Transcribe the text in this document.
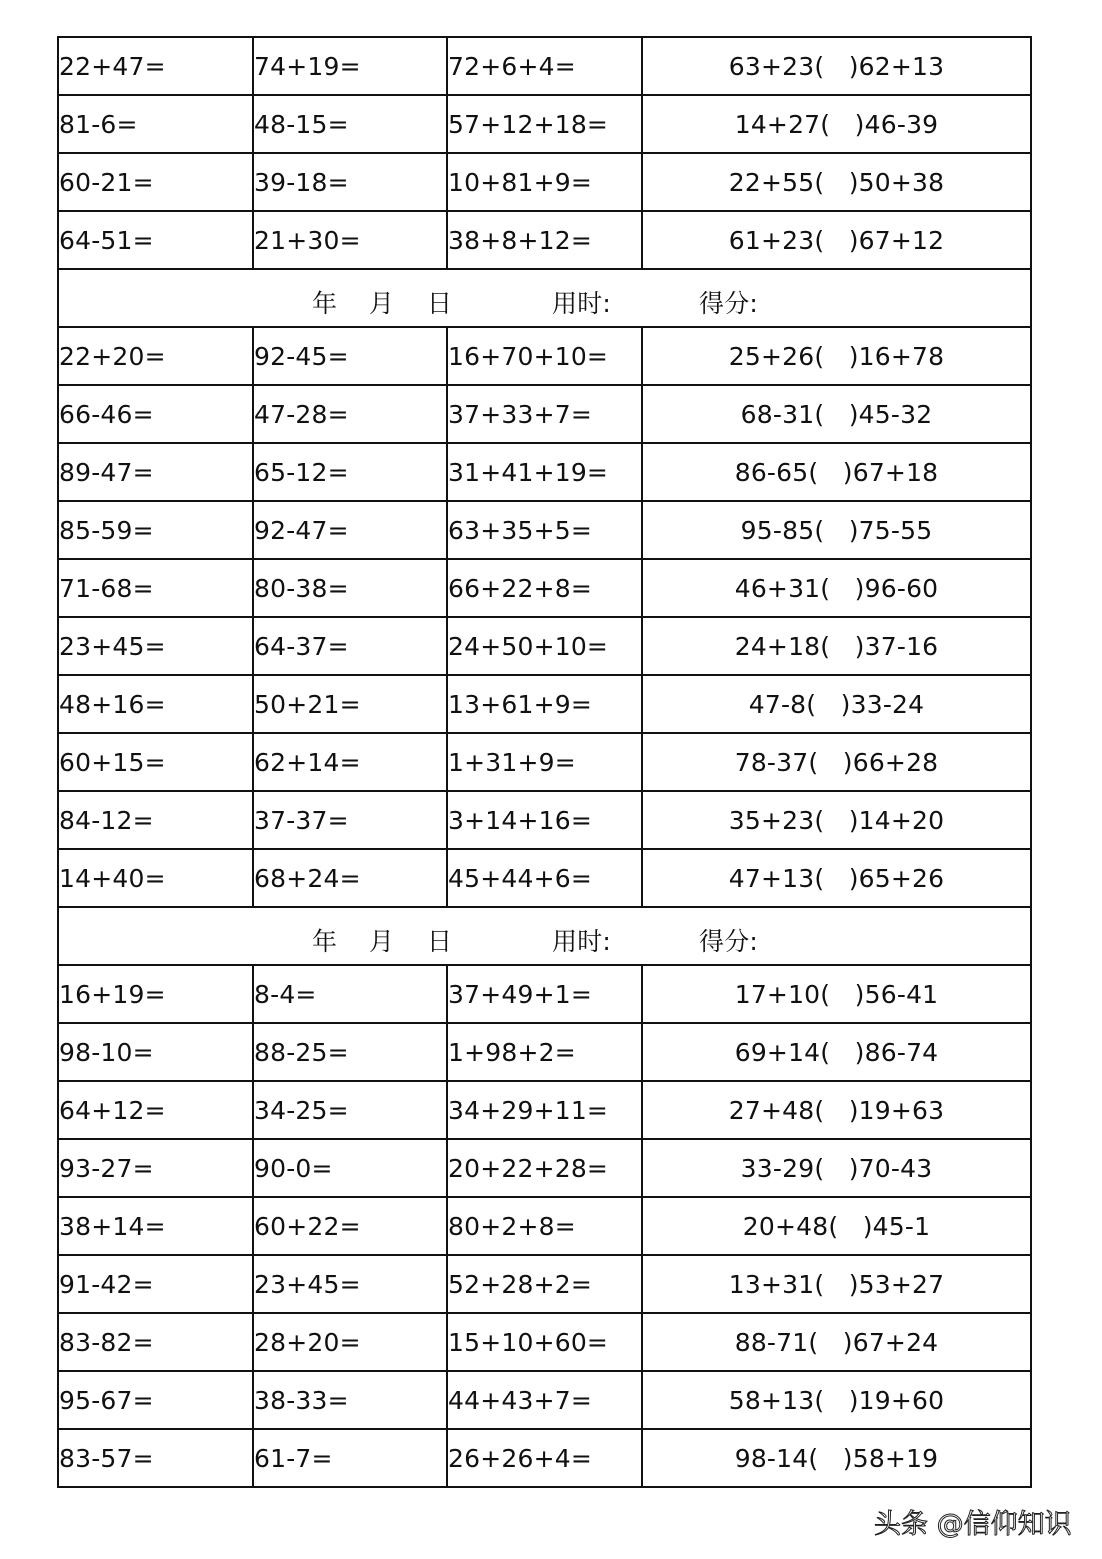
22+47=	74+19=	72+6+4=	63+23(   )62+13
81-6=	48-15=	57+12+18=	14+27(   )46-39
60-21=	39-18=	10+81+9=	22+55(   )50+38
64-51=	21+30=	38+8+12=	61+23(   )67+12

年 月 日 用时: 得分:			

22+20=	92-45=	16+70+10=	25+26(   )16+78
66-46=	47-28=	37+33+7=	68-31(   )45-32
89-47=	65-12=	31+41+19=	86-65(   )67+18
85-59=	92-47=	63+35+5=	95-85(   )75-55
71-68=	80-38=	66+22+8=	46+31(   )96-60
23+45=	64-37=	24+50+10=	24+18(   )37-16
48+16=	50+21=	13+61+9=	47-8(   )33-24
60+15=	62+14=	1+31+9=	78-37(   )66+28
84-12=	37-37=	3+14+16=	35+23(   )14+20
14+40=	68+24=	45+44+6=	47+13(   )65+26

年 月 日 用时: 得分:			

16+19=	8-4=	37+49+1=	17+10(   )56-41
98-10=	88-25=	1+98+2=	69+14(   )86-74
64+12=	34-25=	34+29+11=	27+48(   )19+63
93-27=	90-0=	20+22+28=	33-29(   )70-43
38+14=	60+22=	80+2+8=	20+48(   )45-1
91-42=	23+45=	52+28+2=	13+31(   )53+27
83-82=	28+20=	15+10+60=	88-71(   )67+24
95-67=	38-33=	44+43+7=	58+13(   )19+60
83-57=	61-7=	26+26+4=	98-14(   )58+19
头条 @信仰知识
